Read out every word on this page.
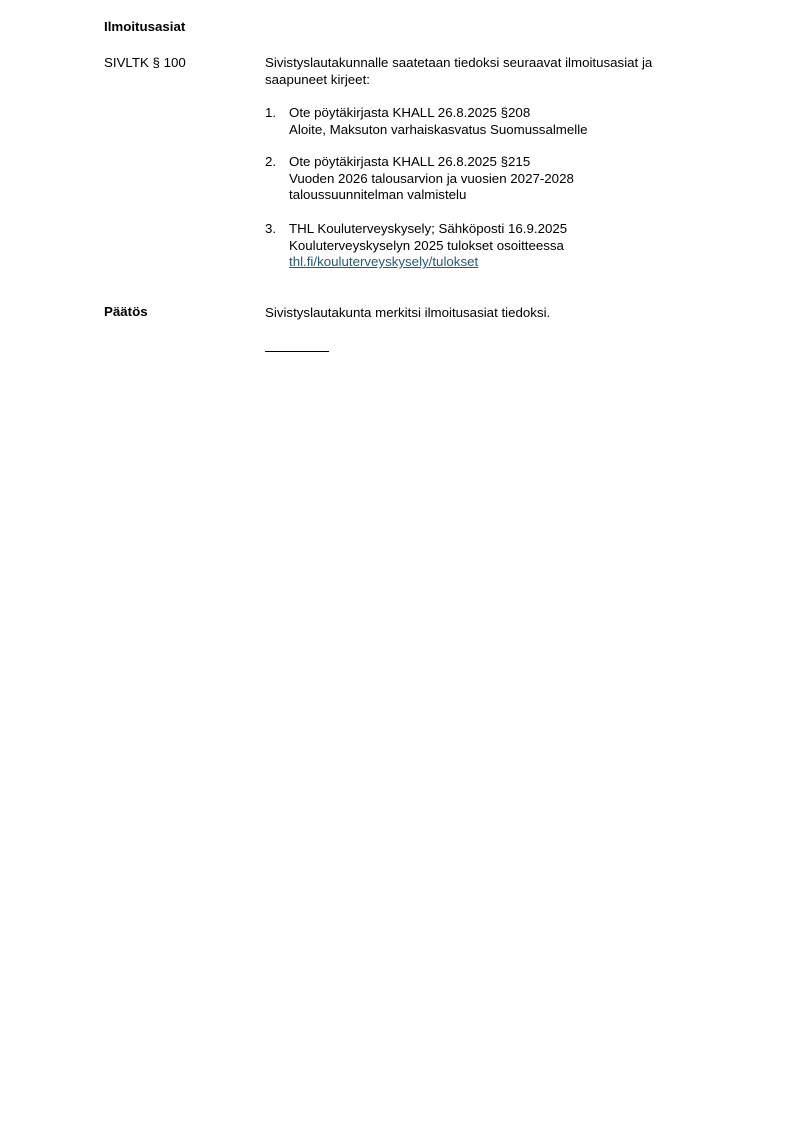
Ilmoitusasiat
SIVLTK § 100	Sivistyslautakunnalle saatetaan tiedoksi seuraavat ilmoitusasiat ja
saapuneet kirjeet:
1. Ote pöytäkirjasta KHALL 26.8.2025 §208
Aloite, Maksuton varhaiskasvatus Suomussalmelle
2. Ote pöytäkirjasta KHALL 26.8.2025 §215
Vuoden 2026 talousarvion ja vuosien 2027-2028
taloussuunnitelman valmistelu
3. THL Kouluterveyskysely; Sähköposti 16.9.2025
Kouluterveyskyselyn 2025 tulokset osoitteessa
thl.fi/kouluterveyskysely/tulokset
Päätös	Sivistyslautakunta merkitsi ilmoitusasiat tiedoksi.
